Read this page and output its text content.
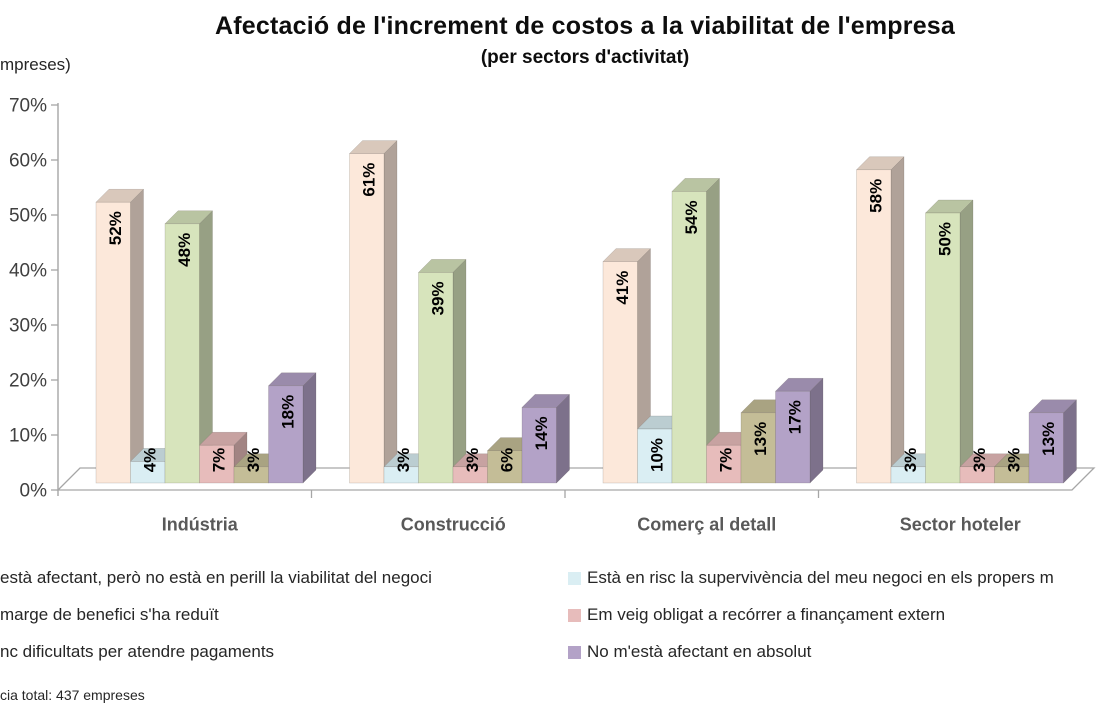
Afectació de l'increment de costos a la viabilitat de l'empresa
(per sectors d'activitat)
mpreses)
0%
10%
20%
30%
40%
50%
60%
70%
52%
4%
48%
7% 3%
18%
61%
3%
39%
3% 6%
14%
41%
10%
54%
7%
13%
17%
58%
3%
50%
3% 3%
13%
Indústria	Construcció	Comerç al detall	Sector hoteler
està afectant, però no està en perill la viabilitat del negoci	Està en risc la supervivència del meu negoci en els propers m
marge de benefici s'ha reduït	Em veig obligat a recórrer a finançament extern
nc dificultats per atendre pagaments	No m'està afectant en absolut
cia total: 437 empreses
